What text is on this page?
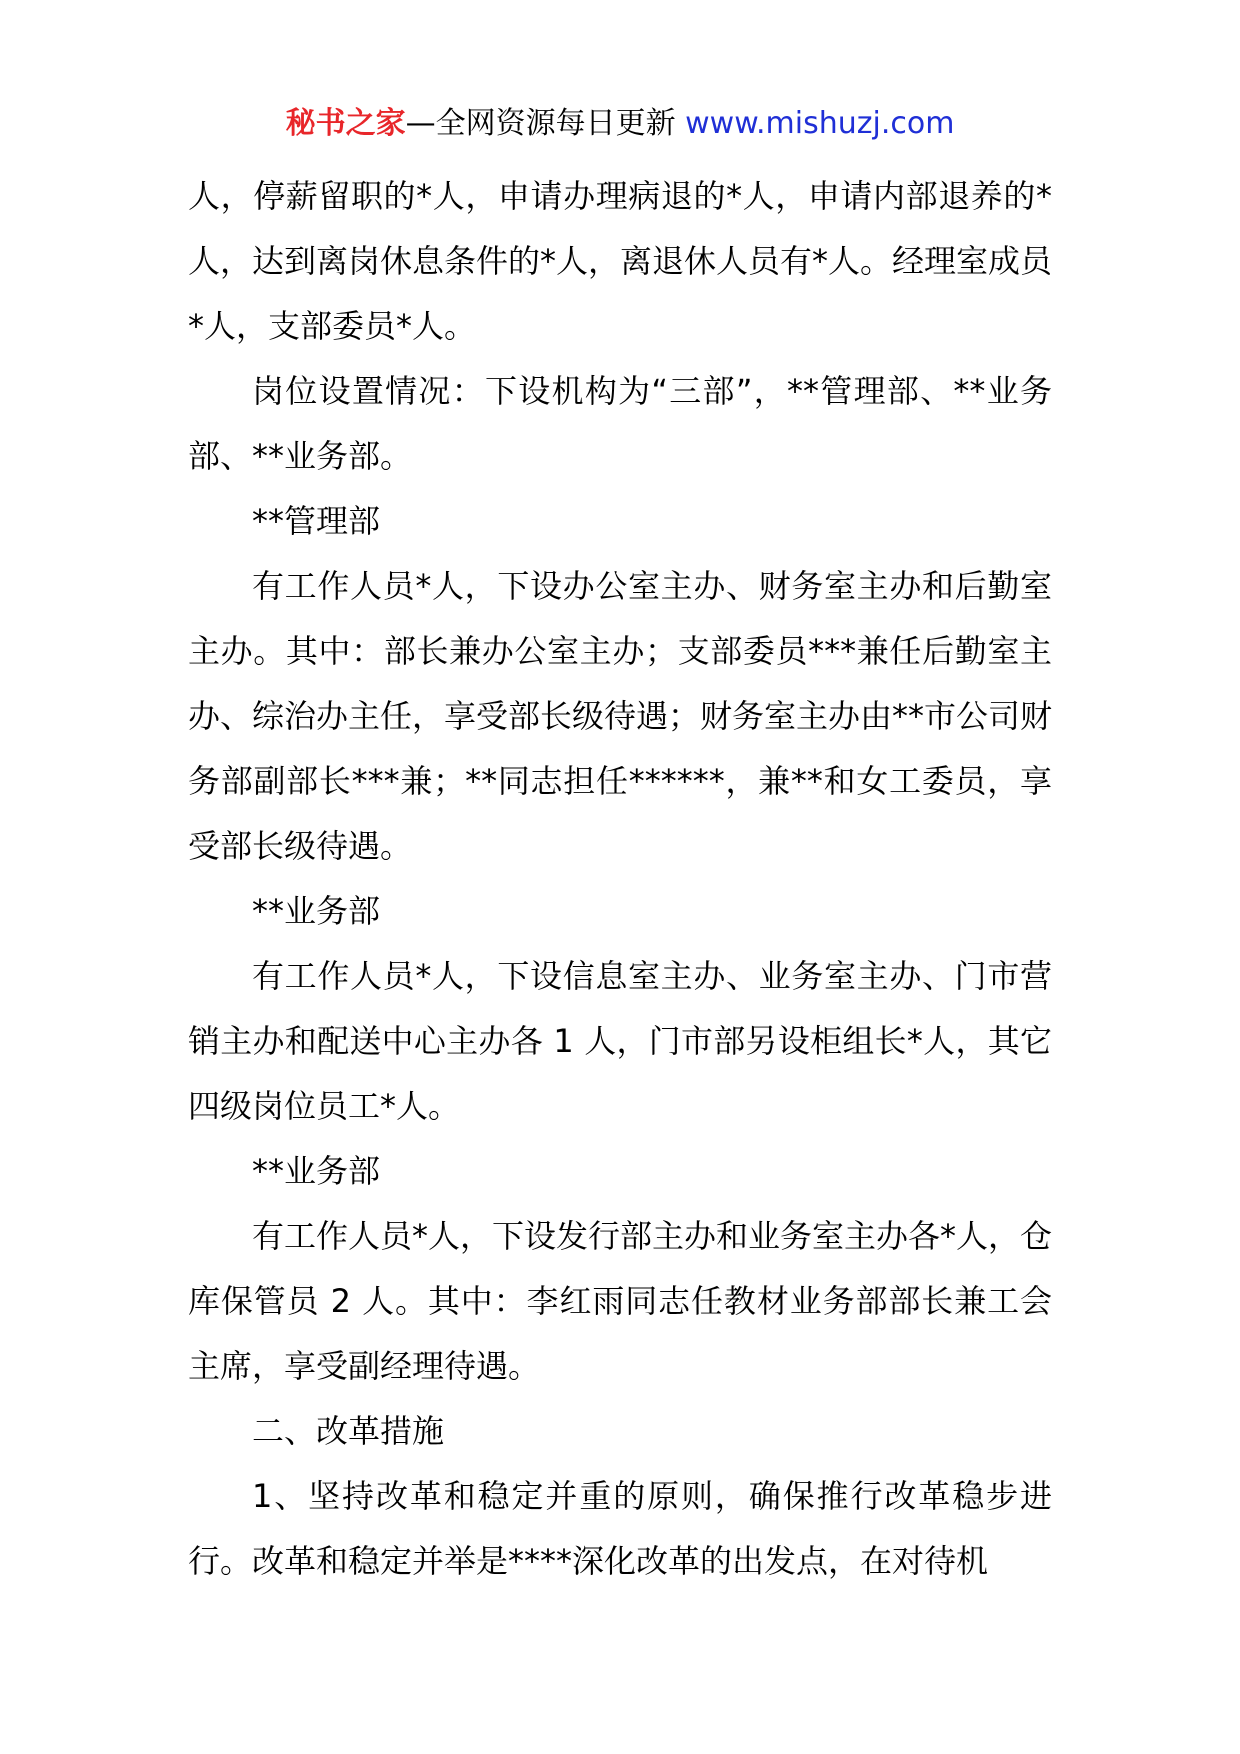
秘书之家—全网资源每日更新 www.mishuzj.com

人，停薪留职的*人，申请办理病退的*人，申请内部退养的*人，达到离岗休息条件的*人，离退休人员有*人。经理室成员*人，支部委员*人。

岗位设置情况：下设机构为“三部”，**管理部、**业务部、**业务部。

**管理部

有工作人员*人，下设办公室主办、财务室主办和后勤室主办。其中：部长兼办公室主办；支部委员***兼任后勤室主办、综治办主任，享受部长级待遇；财务室主办由**市公司财务部副部长***兼；**同志担任******，兼**和女工委员，享受部长级待遇。

**业务部

有工作人员*人，下设信息室主办、业务室主办、门市营销主办和配送中心主办各 1 人，门市部另设柜组长*人，其它四级岗位员工*人。

**业务部

有工作人员*人，下设发行部主办和业务室主办各*人，仓库保管员 2 人。其中：李红雨同志任教材业务部部长兼工会主席，享受副经理待遇。

二、改革措施

1、坚持改革和稳定并重的原则，确保推行改革稳步进行。改革和稳定并举是****深化改革的出发点，在对待机
